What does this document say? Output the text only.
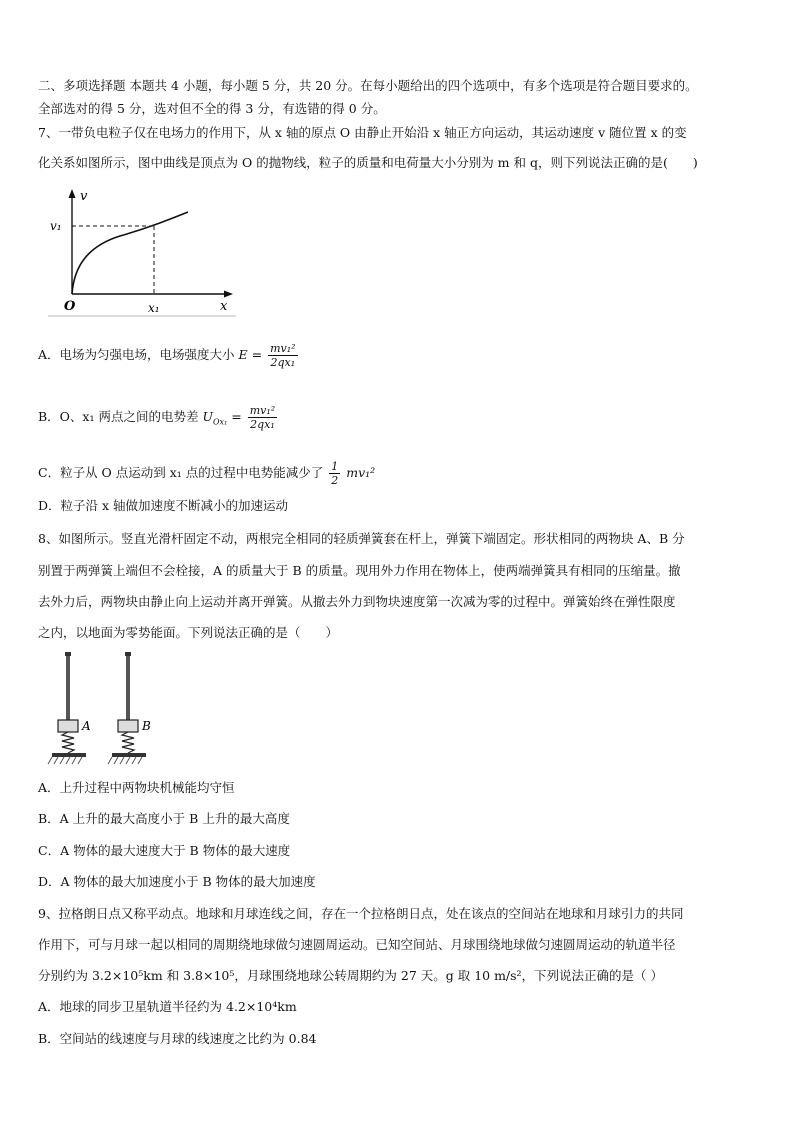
二、多项选择题 本题共 4 小题，每小题 5 分，共 20 分。在每小题给出的四个选项中，有多个选项是符合题目要求的。
全部选对的得 5 分，选对但不全的得 3 分，有选错的得 0 分。
7、一带负电粒子仅在电场力的作用下，从 x 轴的原点 O 由静止开始沿 x 轴正方向运动，其运动速度 v 随位置 x 的变
化关系如图所示，图中曲线是顶点为 O 的抛物线，粒子的质量和电荷量大小分别为 m 和 q，则下列说法正确的是(　　)
v
v₁
O	x₁	x
A．电场为匀强电场，电场强度大小 $E = \frac{\text{mv₁²}}{\text{2qx₁}}$
B．O、x₁ 两点之间的电势差 $U_{Ox_1} = \frac{\text{mv₁²}}{\text{2qx₁}}$
C．粒子从 O 点运动到 x₁ 点的过程中电势能减少了 $\frac{1}{2} mv_1^2$
D．粒子沿 x 轴做加速度不断减小的加速运动
8、如图所示。竖直光滑杆固定不动，两根完全相同的轻质弹簧套在杆上，弹簧下端固定。形状相同的两物块 A、B 分
别置于两弹簧上端但不会栓接，A 的质量大于 B 的质量。现用外力作用在物体上，使两端弹簧具有相同的压缩量。撤
去外力后，两物块由静止向上运动并离开弹簧。从撤去外力到物块速度第一次减为零的过程中。弹簧始终在弹性限度
之内，以地面为零势能面。下列说法正确的是（　　）
A	B
A．上升过程中两物块机械能均守恒
B．A 上升的最大高度小于 B 上升的最大高度
C．A 物体的最大速度大于 B 物体的最大速度
D．A 物体的最大加速度小于 B 物体的最大加速度
9、拉格朗日点又称平动点。地球和月球连线之间，存在一个拉格朗日点，处在该点的空间站在地球和月球引力的共同
作用下，可与月球一起以相同的周期绕地球做匀速圆周运动。已知空间站、月球围绕地球做匀速圆周运动的轨道半径
分别约为 3.2×10⁵km 和 3.8×10⁵，月球围绕地球公转周期约为 27 天。g 取 10 m/s²，下列说法正确的是（ ）
A．地球的同步卫星轨道半径约为 4.2×10⁴km
B．空间站的线速度与月球的线速度之比约为 0.84
